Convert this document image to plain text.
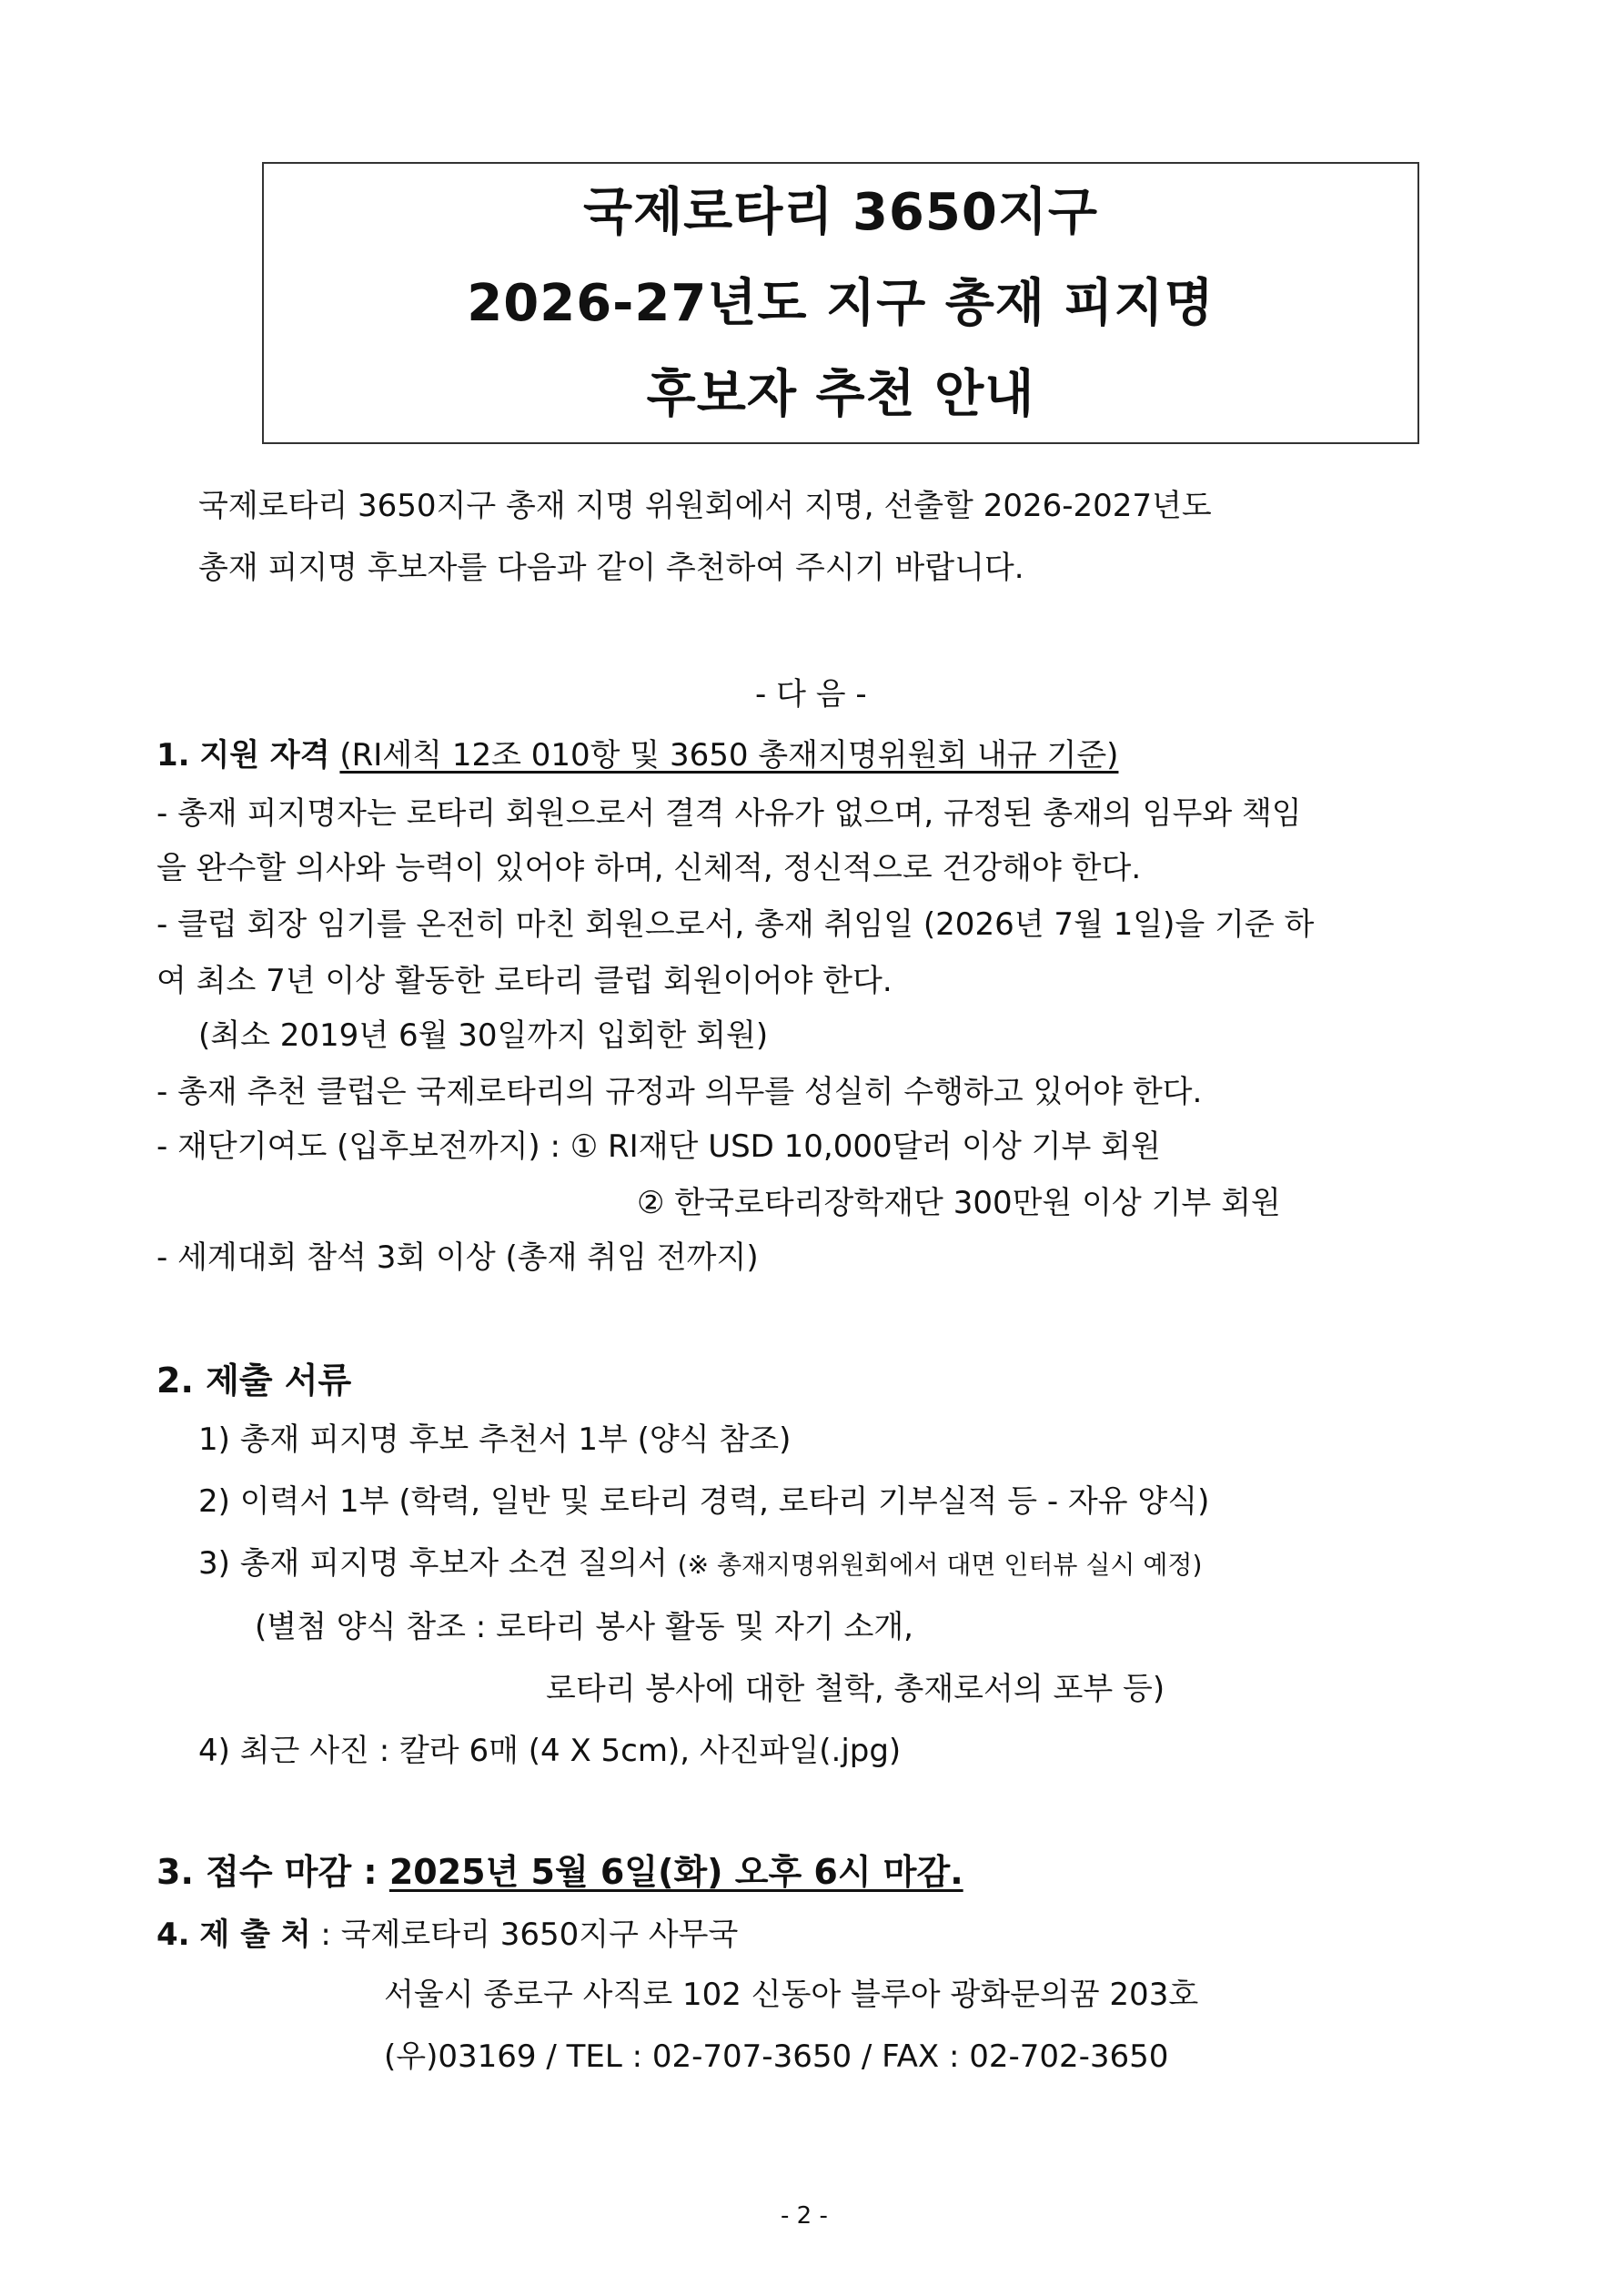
국제로타리 3650지구
2026-27년도 지구 총재 피지명
후보자 추천 안내
국제로타리 3650지구 총재 지명 위원회에서 지명, 선출할 2026-2027년도
총재 피지명 후보자를 다음과 같이 추천하여 주시기 바랍니다.
- 다 음 -
1. 지원 자격 (RI세칙 12조 010항 및 3650 총재지명위원회 내규 기준)
- 총재 피지명자는 로타리 회원으로서 결격 사유가 없으며, 규정된 총재의 임무와 책임
을 완수할 의사와 능력이 있어야 하며, 신체적, 정신적으로 건강해야 한다.
- 클럽 회장 임기를 온전히 마친 회원으로서, 총재 취임일 (2026년 7월 1일)을 기준 하
여 최소 7년 이상 활동한 로타리 클럽 회원이어야 한다.
(최소 2019년 6월 30일까지 입회한 회원)
- 총재 추천 클럽은 국제로타리의 규정과 의무를 성실히 수행하고 있어야 한다.
- 재단기여도 (입후보전까지) : ① RI재단 USD 10,000달러 이상 기부 회원
② 한국로타리장학재단 300만원 이상 기부 회원
- 세계대회 참석 3회 이상 (총재 취임 전까지)
2. 제출 서류
1) 총재 피지명 후보 추천서 1부 (양식 참조)
2) 이력서 1부 (학력, 일반 및 로타리 경력, 로타리 기부실적 등 - 자유 양식)
3) 총재 피지명 후보자 소견 질의서 (※ 총재지명위원회에서 대면 인터뷰 실시 예정)
(별첨 양식 참조 : 로타리 봉사 활동 및 자기 소개,
로타리 봉사에 대한 철학, 총재로서의 포부 등)
4) 최근 사진 : 칼라 6매 (4 X 5cm), 사진파일(.jpg)
3. 접수 마감 : 2025년 5월 6일(화) 오후 6시 마감.
4. 제 출 처 : 국제로타리 3650지구 사무국
서울시 종로구 사직로 102 신동아 블루아 광화문의꿈 203호
(우)03169 / TEL : 02-707-3650 / FAX : 02-702-3650
- 2 -
